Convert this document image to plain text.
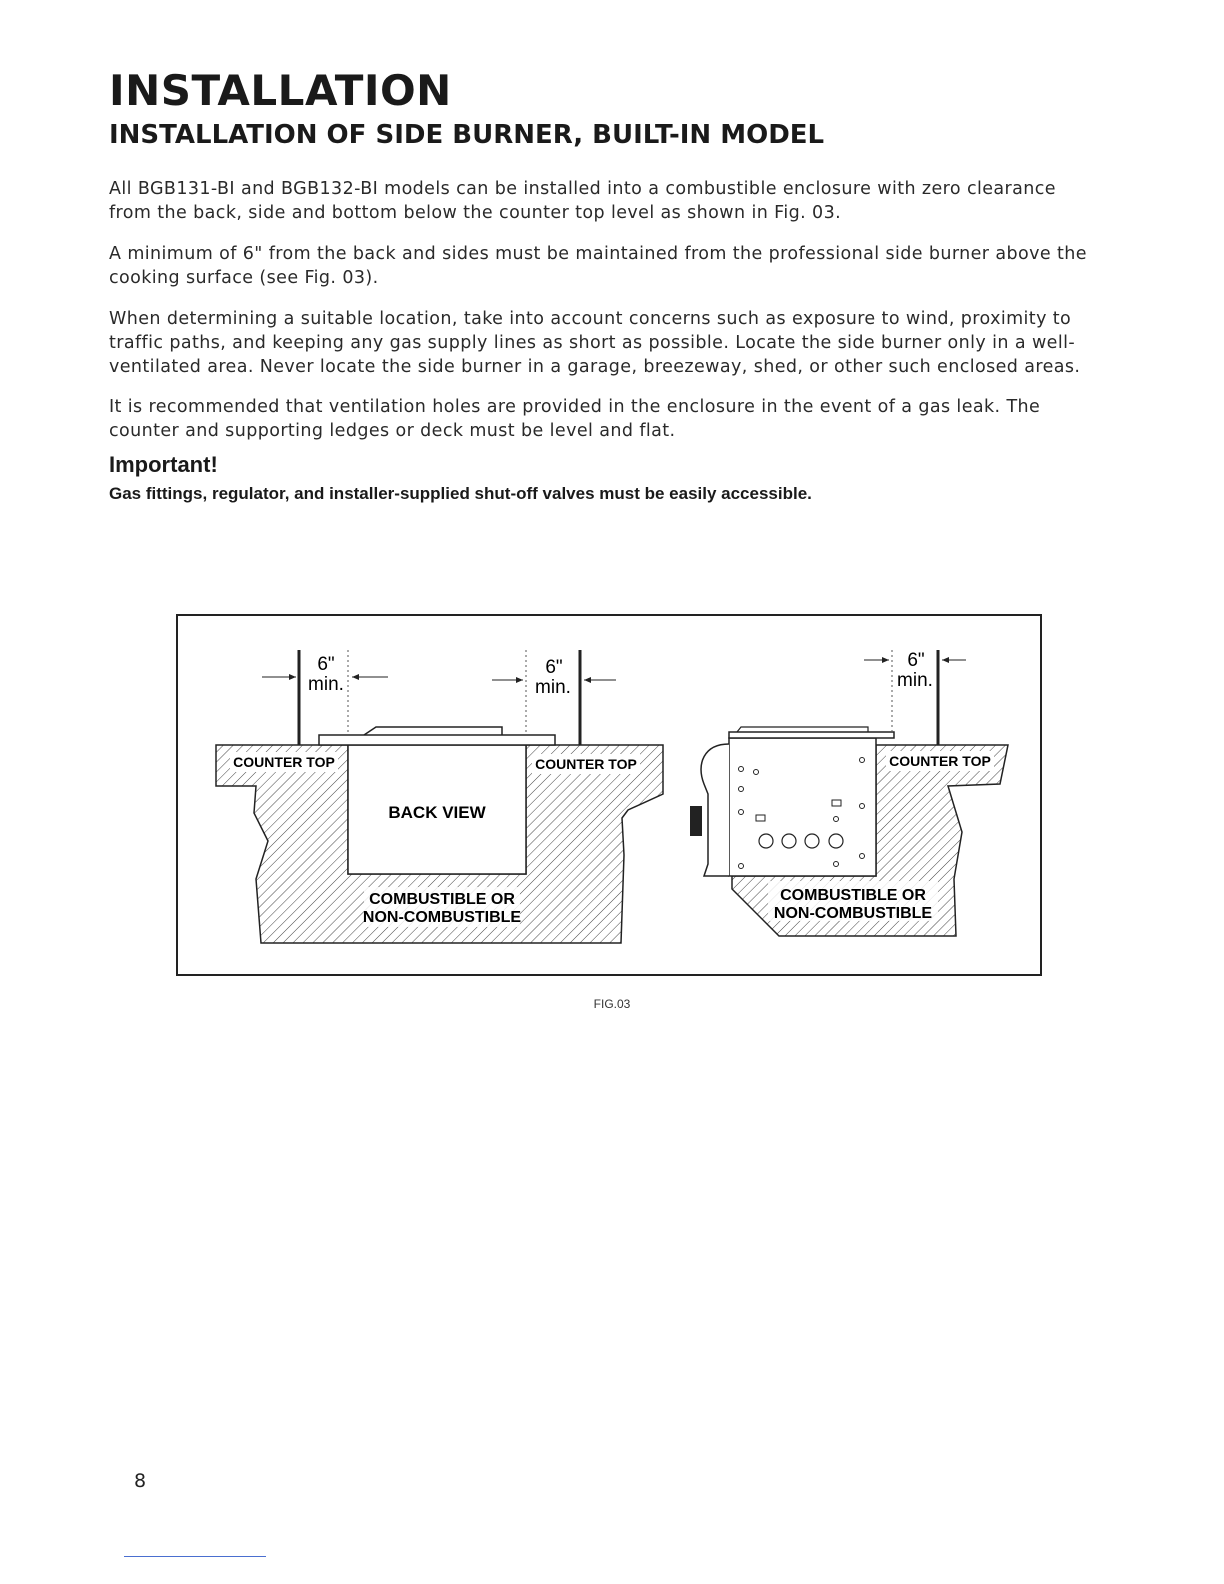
INSTALLATION
INSTALLATION OF SIDE BURNER, BUILT-IN MODEL

All BGB131-BI and BGB132-BI models can be installed into a combustible enclosure with zero clearance from the back, side and bottom below the counter top level as shown in Fig. 03.

A minimum of 6" from the back and sides must be maintained from the professional side burner above the cooking surface (see Fig. 03).

When determining a suitable location, take into account concerns such as exposure to wind, proximity to traffic paths, and keeping any gas supply lines as short as possible. Locate the side burner only in a well-ventilated area. Never locate the side burner in a garage, breezeway, shed, or other such enclosed areas.

It is recommended that ventilation holes are provided in the enclosure in the event of a gas leak. The counter and supporting ledges or deck must be level and flat.

Important!
Gas fittings, regulator, and installer-supplied shut-off valves must be easily accessible.
6"
min.
6"
min.
COUNTER TOP	COUNTER TOP
BACK VIEW
COMBUSTIBLE OR
NON-COMBUSTIBLE
6"
min.
COUNTER TOP
COMBUSTIBLE OR
NON-COMBUSTIBLE
FIG.03
8
